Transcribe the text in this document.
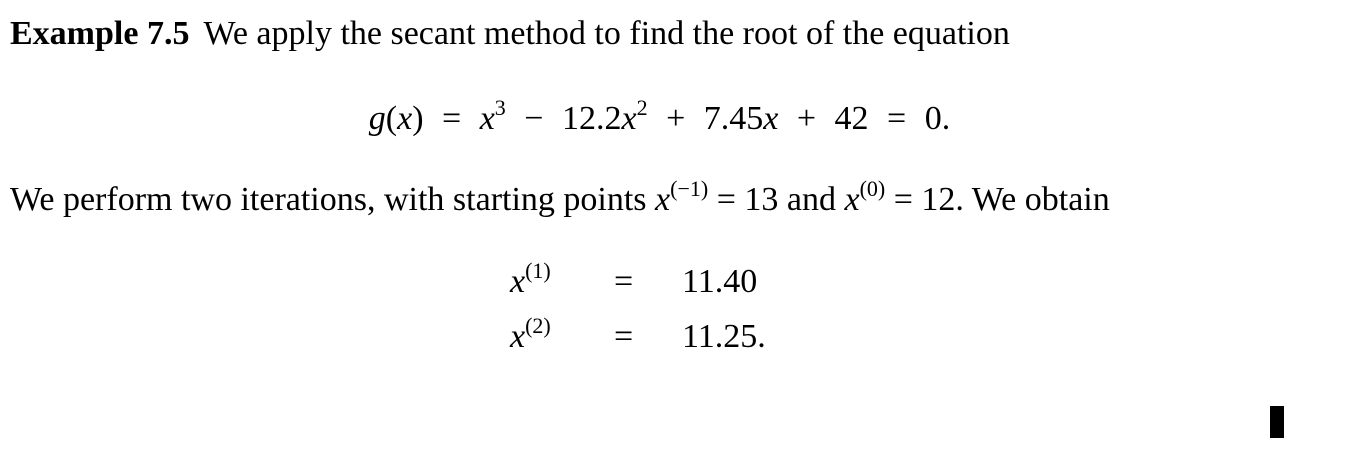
Example 7.5 We apply the secant method to find the root of the equation
$g(x) = x^3 - 12.2x^2 + 7.45x + 42 = 0$.
We perform two iterations, with starting points $x^{(-1)} = 13$ and $x^{(0)} = 12$. We obtain
$x^{(1)}$	= 11.40
$x^{(2)}$	= 11.25.
